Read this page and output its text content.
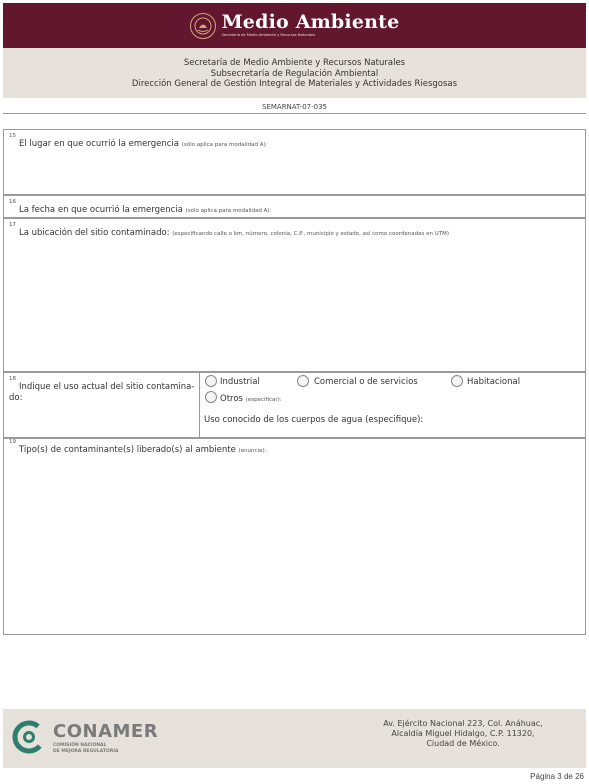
Medio Ambiente
Secretaría de Medio Ambiente y Recursos Naturales
Secretaría de Medio Ambiente y Recursos Naturales
Subsecretaría de Regulación Ambiental
Dirección General de Gestión Integral de Materiales y Actividades Riesgosas
SEMARNAT-07-035
15
El lugar en que ocurrió la emergencia (sólo aplica para modalidad A):
16
La fecha en que ocurrió la emergencia (sólo aplica para modalidad A):
17
La ubicación del sitio contaminado: (especificando calle o km, número, colonia, C.P., municipio y estado, así como coordenadas en UTM)
18
Indique el uso actual del sitio contamina-
do:
Industrial	Comercial o de servicios	Habitacional
Otros (especificar):
Uso conocido de los cuerpos de agua (especifique):
19
Tipo(s) de contaminante(s) liberado(s) al ambiente (enuncie):
CONAMER
COMISIÓN NACIONAL
DE MEJORA REGULATORIA
Av. Ejército Nacional 223, Col. Anáhuac,
Alcaldía Miguel Hidalgo, C.P. 11320,
Ciudad de México.
Página 3 de 26
